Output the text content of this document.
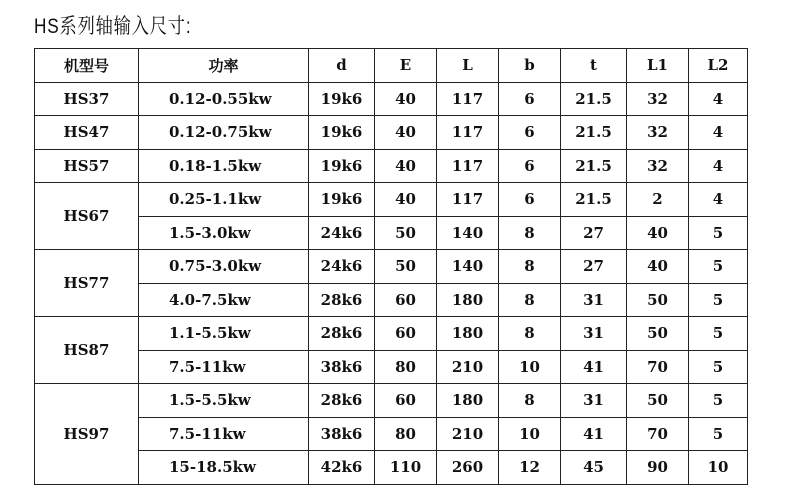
HS系列轴输入尺寸:
机型号	功率	d	E	L	b	t	L1	L2
HS37	0.12-0.55kw	19k6	40	117	6	21.5	32	4
HS47	0.12-0.75kw	19k6	40	117	6	21.5	32	4
HS57	0.18-1.5kw	19k6	40	117	6	21.5	32	4
HS67	0.25-1.1kw	19k6	40	117	6	21.5	2	4
	1.5-3.0kw	24k6	50	140	8	27	40	5
HS77	0.75-3.0kw	24k6	50	140	8	27	40	5
	4.0-7.5kw	28k6	60	180	8	31	50	5
HS87	1.1-5.5kw	28k6	60	180	8	31	50	5
	7.5-11kw	38k6	80	210	10	41	70	5
HS97	1.5-5.5kw	28k6	60	180	8	31	50	5
	7.5-11kw	38k6	80	210	10	41	70	5
	15-18.5kw	42k6	110	260	12	45	90	10
